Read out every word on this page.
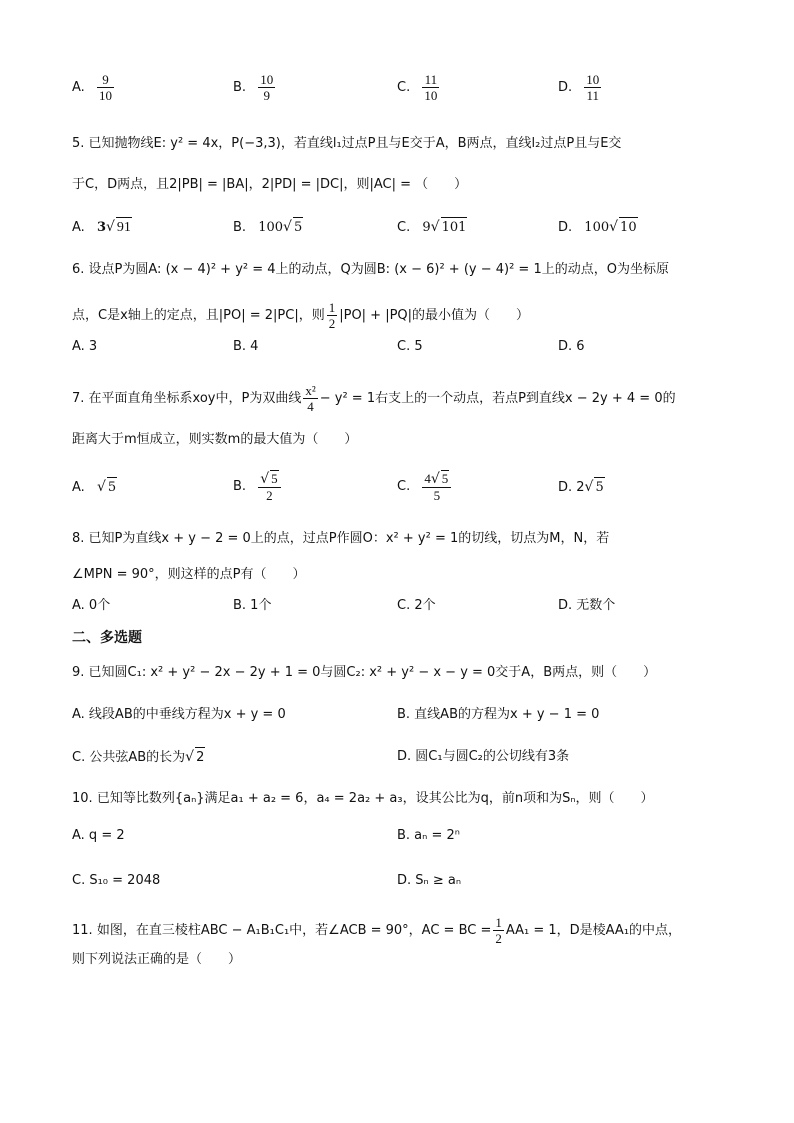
A. $\frac{9}{10}$	B. $\frac{10}{9}$	C. $\frac{11}{10}$	D. $\frac{10}{11}$
5. 已知抛物线E: y² = 4x，P(−3,3)，若直线l₁过点P且与E交于A，B两点，直线l₂过点P且与E交
于C，D两点，且2|PB| = |BA|，2|PD| = |DC|，则|AC| = （　　）
A. 3√ 91	B. 100√ 5	C. 9√ 101	D. 100√ 10
6. 设点P为圆A: (x − 4)² + y² = 4上的动点，Q为圆B: (x − 6)² + (y − 4)² = 1上的动点，O为坐标原
点，C是x轴上的定点，且|PO| = 2|PC|，则 $\frac{1}{2} |PO| + |PQ|$的最小值为（　　）
A. 3	B. 4	C. 5	D. 6
7. 在平面直角坐标系xoy中，P为双曲线 $\frac{\text{x²}}{4} - y^2 = 1$右支上的一个动点，若点P到直线x − 2y + 4 = 0的
距离大于m恒成立，则实数m的最大值为（　　）
A. √ 5	B. $\frac{√ 5}{2}$	C. $\frac{4√ 5}{5}$	D. 2√ 5
8. 已知P为直线x + y − 2 = 0上的点，过点P作圆O：x² + y² = 1的切线，切点为M，N，若
∠MPN = 90°，则这样的点P有（　　）
A. 0个	B. 1个	C. 2个	D. 无数个
二、多选题
9. 已知圆C₁: x² + y² − 2x − 2y + 1 = 0与圆C₂: x² + y² − x − y = 0交于A，B两点，则（　　）
A. 线段AB的中垂线方程为x + y = 0	B. 直线AB的方程为x + y − 1 = 0
C. 公共弦AB的长为√ 2	D. 圆C₁与圆C₂的公切线有3条
10. 已知等比数列{aₙ}满足a₁ + a₂ = 6，a₄ = 2a₂ + a₃，设其公比为q，前n项和为Sₙ，则（　　）
A. q = 2	B. aₙ = 2ⁿ
C. S₁₀ = 2048	D. Sₙ ≥ aₙ
11. 如图，在直三棱柱ABC − A₁B₁C₁中，若∠ACB = 90°，AC = BC = $\frac{1}{2} AA_1 = 1$，D是棱AA₁的中点，
则下列说法正确的是（　　）
